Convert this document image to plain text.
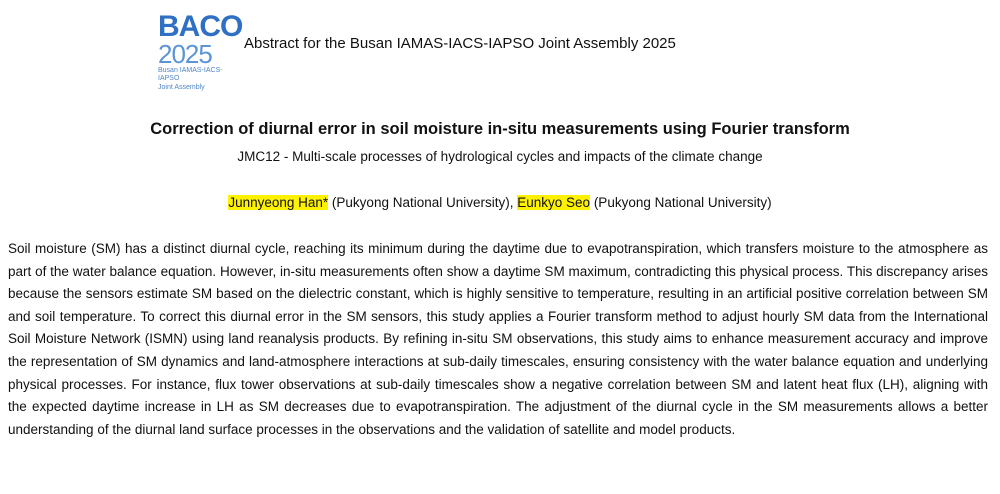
BACO
2025
Busan IAMAS-IACS-IAPSO
Joint Assembly
Abstract for the Busan IAMAS-IACS-IAPSO Joint Assembly 2025
Correction of diurnal error in soil moisture in-situ measurements using Fourier transform
JMC12 - Multi-scale processes of hydrological cycles and impacts of the climate change
Junnyeong Han* (Pukyong National University), Eunkyo Seo (Pukyong National University)

Soil moisture (SM) has a distinct diurnal cycle, reaching its minimum during the daytime due to evapotranspiration, which transfers moisture to the atmosphere as part of the water balance equation. However, in-situ measurements often show a daytime SM maximum, contradicting this physical process. This discrepancy arises because the sensors estimate SM based on the dielectric constant, which is highly sensitive to temperature, resulting in an artificial positive correlation between SM and soil temperature. To correct this diurnal error in the SM sensors, this study applies a Fourier transform method to adjust hourly SM data from the International Soil Moisture Network (ISMN) using land reanalysis products. By refining in-situ SM observations, this study aims to enhance measurement accuracy and improve the representation of SM dynamics and land-atmosphere interactions at sub-daily timescales, ensuring consistency with the water balance equation and underlying physical processes. For instance, flux tower observations at sub-daily timescales show a negative correlation between SM and latent heat flux (LH), aligning with the expected daytime increase in LH as SM decreases due to evapotranspiration. The adjustment of the diurnal cycle in the SM measurements allows a better understanding of the diurnal land surface processes in the observations and the validation of satellite and model products.
